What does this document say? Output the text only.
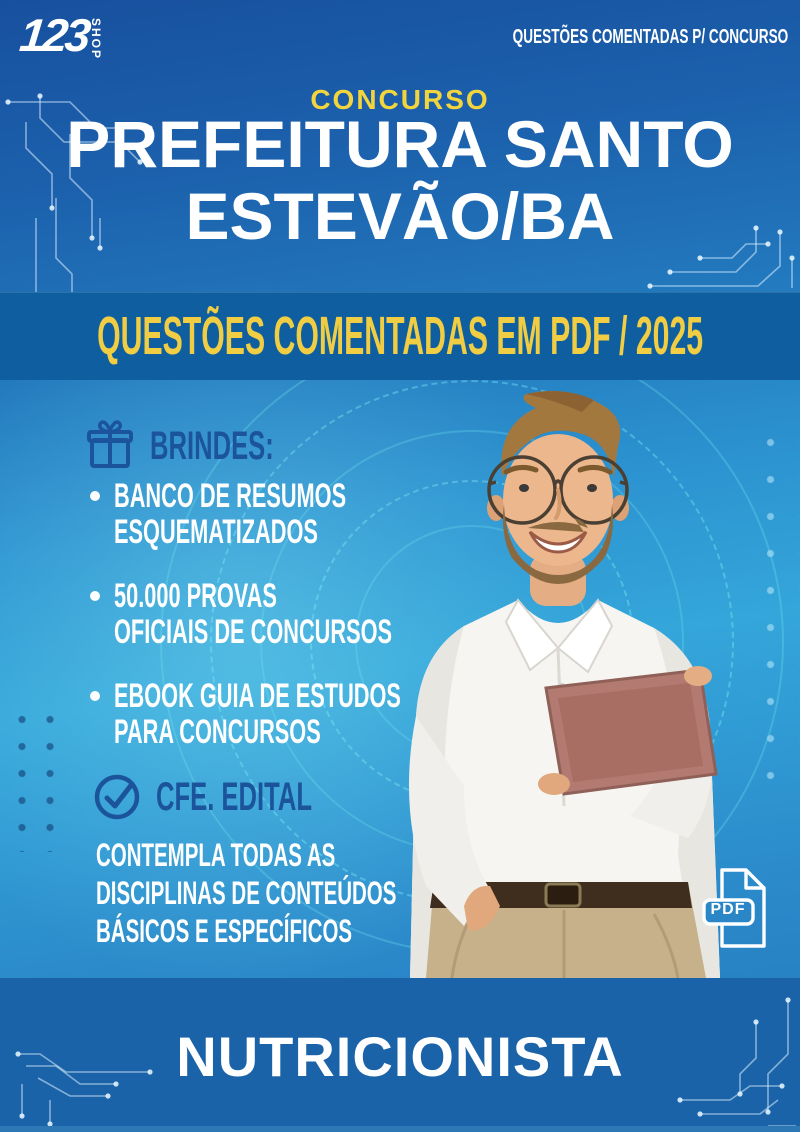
123
SHOP	QUESTÕES COMENTADAS P/ CONCURSO
CONCURSO
PREFEITURA SANTO
ESTEVÃO/BA
QUESTÕES COMENTADAS EM PDF / 2025
BRINDES:
BANCO DE RESUMOS
ESQUEMATIZADOS
50.000 PROVAS
OFICIAIS DE CONCURSOS
EBOOK GUIA DE ESTUDOS
PARA CONCURSOS
CFE. EDITAL
CONTEMPLA TODAS AS
DISCIPLINAS DE CONTEÚDOS
BÁSICOS E ESPECÍFICOS
PDF
NUTRICIONISTA
